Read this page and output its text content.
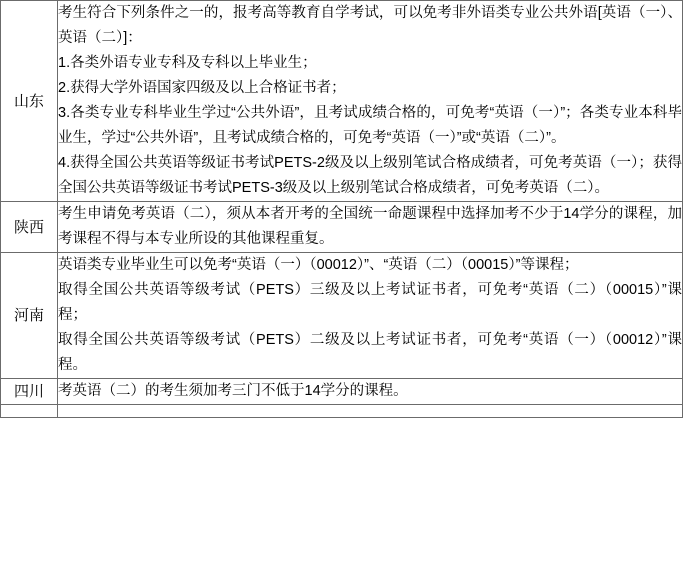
山东	考生符合下列条件之一的，报考高等教育自学考试，可以免考非外语类专业公共外语[英语（一）、英语（二）]：

1.各类外语专业专科及专科以上毕业生；

2.获得大学外语国家四级及以上合格证书者；

3.各类专业专科毕业生学过“公共外语”，且考试成绩合格的，可免考“英语（一）”；各类专业本科毕业生，学过“公共外语”，且考试成绩合格的，可免考“英语（一）”或“英语（二）”。

4.获得全国公共英语等级证书考试PETS-2级及以上级别笔试合格成绩者，可免考英语（一）；获得全国公共英语等级证书考试PETS-3级及以上级别笔试合格成绩者，可免考英语（二）。

陕西	考生申请免考英语（二），须从本者开考的全国统一命题课程中选择加考不少于14学分的课程，加考课程不得与本专业所设的其他课程重复。

河南	英语类专业毕业生可以免考“英语（一）（00012）”、“英语（二）（00015）”等课程；

取得全国公共英语等级考试（PETS）三级及以上考试证书者，可免考“英语（二）（00015）”课程；

取得全国公共英语等级考试（PETS）二级及以上考试证书者，可免考“英语（一）（00012）”课程。

四川	考英语（二）的考生须加考三门不低于14学分的课程。
